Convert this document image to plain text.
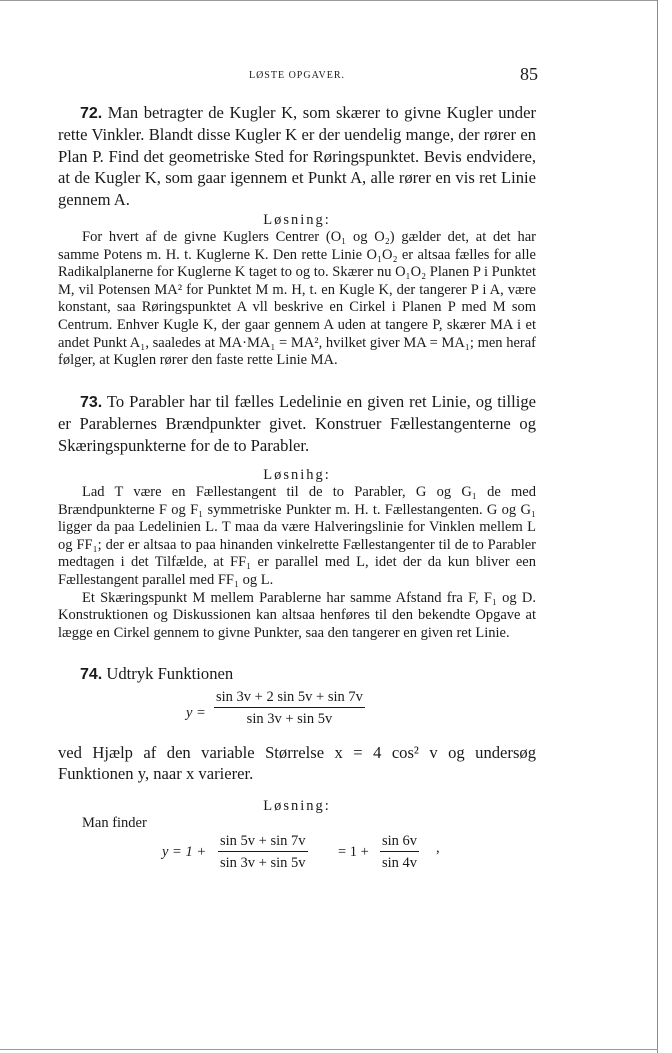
LØSTE OPGAVER.	85

72. Man betragter de Kugler K, som skærer to givne Kugler under rette Vinkler. Blandt disse Kugler K er der uendelig mange, der rører en Plan P. Find det geometriske Sted for Røringspunktet. Bevis endvidere, at de Kugler K, som gaar igennem et Punkt A, alle rører en vis ret Linie gennem A.

Løsning:

For hvert af de givne Kuglers Centrer (O₁ og O₂) gælder det, at det har samme Potens m. H. t. Kuglerne K. Den rette Linie O₁O₂ er altsaa fælles for alle Radikalplanerne for Kuglerne K taget to og to. Skærer nu O₁O₂ Planen P i Punktet M, vil Potensen MA² for Punktet M m. H, t. en Kugle K, der tangerer P i A, være konstant, saa Røringspunktet A vll beskrive en Cirkel i Planen P med M som Centrum. Enhver Kugle K, der gaar gennem A uden at tangere P, skærer MA i et andet Punkt A₁, saaledes at MA·MA₁ = MA², hvilket giver MA = MA₁; men heraf følger, at Kuglen rører den faste rette Linie MA.

73. To Parabler har til fælles Ledelinie en given ret Linie, og tillige er Parablernes Brændpunkter givet. Konstruer Fællestangenterne og Skæringspunkterne for de to Parabler.

Løsnihg:

Lad T være en Fællestangent til de to Parabler, G og G₁ de med Brændpunkterne F og F₁ symmetriske Punkter m. H. t. Fællestangenten. G og G₁ ligger da paa Ledelinien L. T maa da være Halveringslinie for Vinklen mellem L og FF₁; der er altsaa to paa hinanden vinkelrette Fællestangenter til de to Parabler medtagen i det Tilfælde, at FF₁ er parallel med L, idet der da kun bliver een Fællestangent parallel med FF₁ og L.

Et Skæringspunkt M mellem Parablerne har samme Afstand fra F, F₁ og D. Konstruktionen og Diskussionen kan altsaa henføres til den bekendte Opgave at lægge en Cirkel gennem to givne Punkter, saa den tangerer en given ret Linie.

74. Udtryk Funktionen

y =
sin 3v + 2 sin 5v + sin 7v
sin 3v + sin 5v

ved Hjælp af den variable Størrelse x = 4 cos² v og undersøg Funktionen y, naar x varierer.

Løsning:

Man finder

y = 1 +
sin 5v + sin 7v
sin 3v + sin 5v
= 1 +
sin 6v
sin 4v
,
